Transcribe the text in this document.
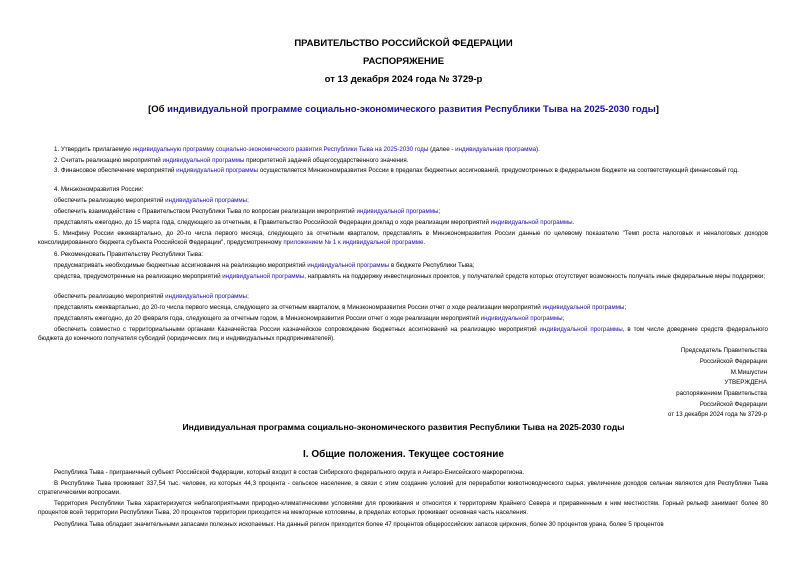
ПРАВИТЕЛЬСТВО РОССИЙСКОЙ ФЕДЕРАЦИИ
РАСПОРЯЖЕНИЕ
от 13 декабря 2024 года № 3729-р
[Об индивидуальной программе социально-экономического развития Республики Тыва на 2025-2030 годы]
1. Утвердить прилагаемую индивидуальную программу социально-экономического развития Республики Тыва на 2025-2030 годы (далее - индивидуальная программа).
2. Считать реализацию мероприятий индивидуальной программы приоритетной задачей общегосударственного значения.
3. Финансовое обеспечение мероприятий индивидуальной программы осуществляется Минэкономразвития России в пределах бюджетных ассигнований, предусмотренных в федеральном бюджете на соответствующий финансовый год.
4. Минэкономразвития России:
обеспечить реализацию мероприятий индивидуальной программы;
обеспечить взаимодействие с Правительством Республики Тыва по вопросам реализации мероприятий индивидуальной программы;
представлять ежегодно, до 15 марта года, следующего за отчетным, в Правительство Российской Федерации доклад о ходе реализации мероприятий индивидуальной программы.
5. Минфину России ежеквартально, до 20-го числа первого месяца, следующего за отчетным кварталом, представлять в Минэкономразвития России данные по целевому показателю "Темп роста налоговых и неналоговых доходов консолидированного бюджета субъекта Российской Федерации", предусмотренному приложением № 1 к индивидуальной программе.
6. Рекомендовать Правительству Республики Тыва:
предусматривать необходимые бюджетные ассигнования на реализацию мероприятий индивидуальной программы в бюджете Республики Тыва;
средства, предусмотренные на реализацию мероприятий индивидуальной программы, направлять на поддержку инвестиционных проектов, у получателей средств которых отсутствует возможность получать иные федеральные меры поддержки;
обеспечить реализацию мероприятий индивидуальной программы;
представлять ежеквартально, до 20-го числа первого месяца, следующего за отчетным кварталом, в Минэкономразвития России отчет о ходе реализации мероприятий индивидуальной программы;
представлять ежегодно, до 20 февраля года, следующего за отчетным годом, в Минэкономразвития России отчет о ходе реализации мероприятий индивидуальной программы;
обеспечить совместно с территориальными органами Казначейства России казначейское сопровождение бюджетных ассигнований на реализацию мероприятий индивидуальной программы, в том числе доведение средств федерального бюджета до конечного получателя субсидий (юридических лиц и индивидуальных предпринимателей).
Председатель Правительства
Российской Федерации
М.Мишустин
УТВЕРЖДЕНА
распоряжением Правительства
Российской Федерации
от 13 декабря 2024 года № 3729-р
Индивидуальная программа социально-экономического развития Республики Тыва на 2025-2030 годы
I. Общие положения. Текущее состояние
Республика Тыва - приграничный субъект Российской Федерации, который входит в состав Сибирского федерального округа и Ангаро-Енисейского макрорегиона.
В Республике Тыва проживает 337,54 тыс. человек, из которых 44,3 процента - сельское население, в связи с этим создание условий для переработки животноводческого сырья, увеличение доходов сельчан являются для Республики Тыва стратегическими вопросами.
Территория Республики Тыва характеризуется неблагоприятными природно-климатическими условиями для проживания и относится к территориям Крайнего Севера и приравненным к ним местностям. Горный рельеф занимает более 80 процентов всей территории Республики Тыва, 20 процентов территории приходится на межгорные котловины, в пределах которых проживает основная часть населения.
Республика Тыва обладает значительными запасами полезных ископаемых. На данный регион приходится более 47 процентов общероссийских запасов циркония, более 30 процентов урана, более 5 процентов
